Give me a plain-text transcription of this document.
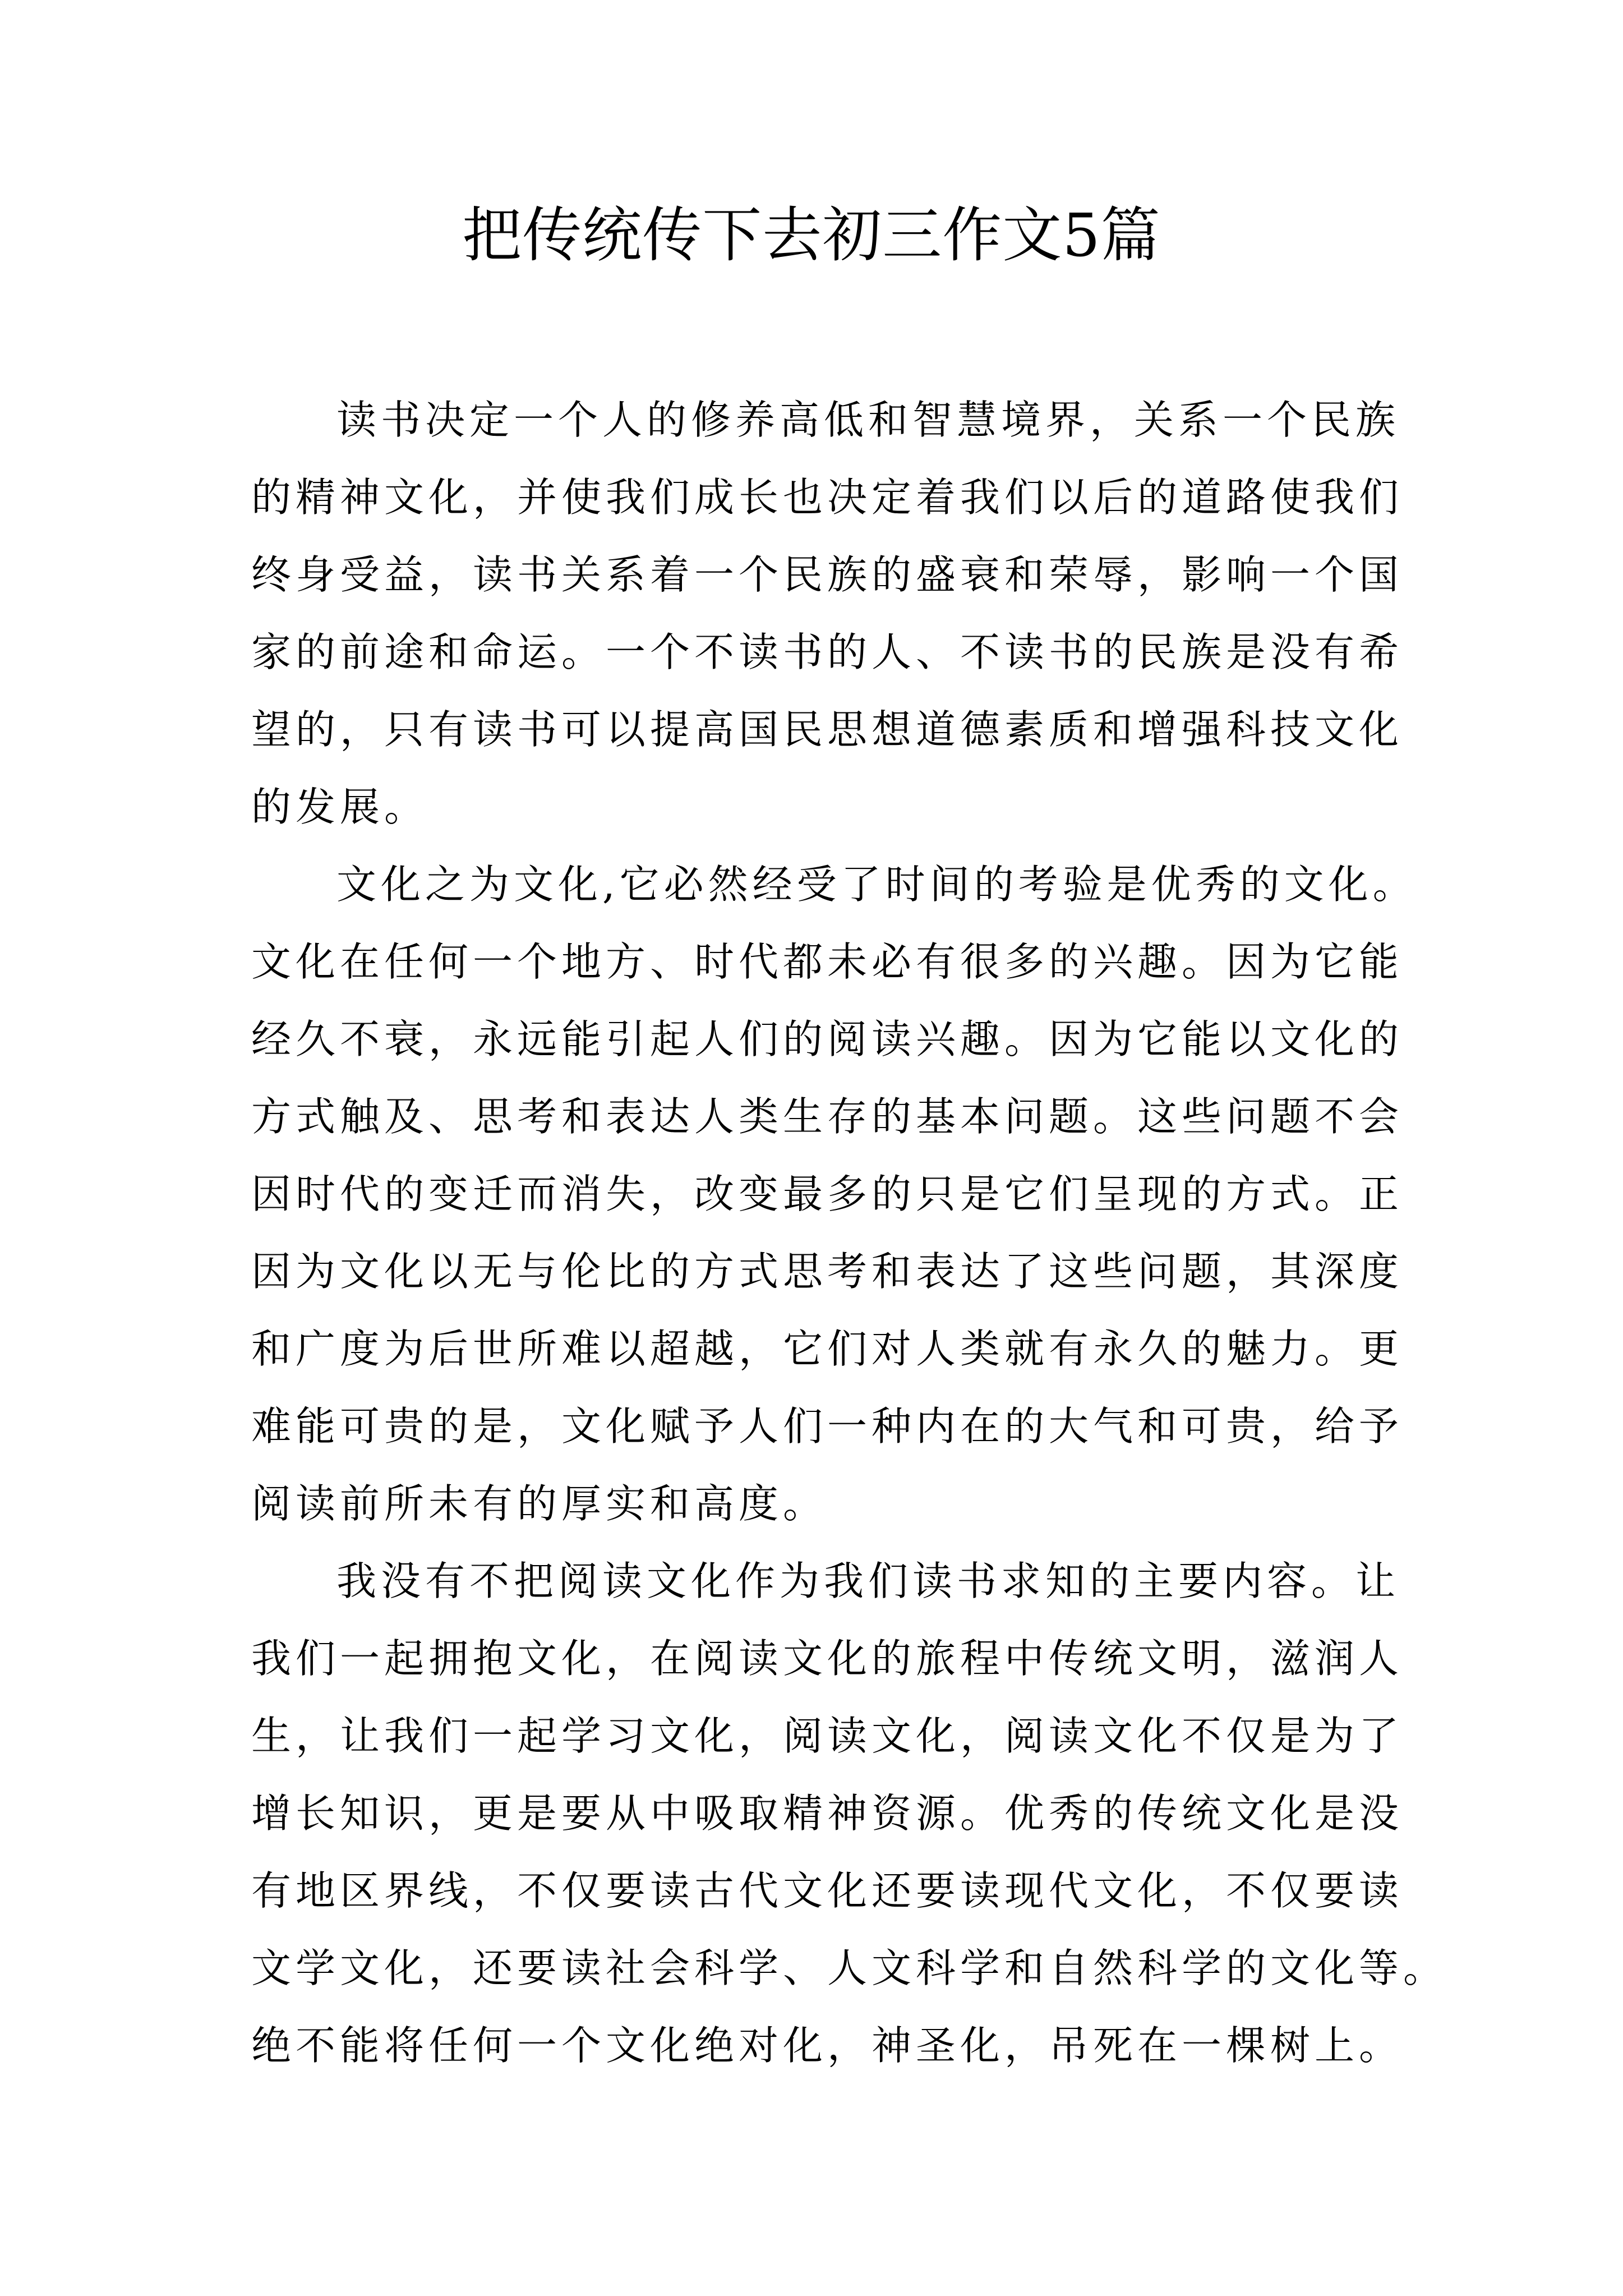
把传统传下去初三作文5篇
读书决定一个人的修养高低和智慧境界，关系一个民族
的精神文化，并使我们成长也决定着我们以后的道路使我们
终身受益，读书关系着一个民族的盛衰和荣辱，影响一个国
家的前途和命运。一个不读书的人、不读书的民族是没有希
望的，只有读书可以提高国民思想道德素质和增强科技文化
的发展。
文化之为文化,它必然经受了时间的考验是优秀的文化。
文化在任何一个地方、时代都未必有很多的兴趣。因为它能
经久不衰，永远能引起人们的阅读兴趣。因为它能以文化的
方式触及、思考和表达人类生存的基本问题。这些问题不会
因时代的变迁而消失，改变最多的只是它们呈现的方式。正
因为文化以无与伦比的方式思考和表达了这些问题，其深度
和广度为后世所难以超越，它们对人类就有永久的魅力。更
难能可贵的是，文化赋予人们一种内在的大气和可贵，给予
阅读前所未有的厚实和高度。
我没有不把阅读文化作为我们读书求知的主要内容。让
我们一起拥抱文化，在阅读文化的旅程中传统文明，滋润人
生，让我们一起学习文化，阅读文化，阅读文化不仅是为了
增长知识，更是要从中吸取精神资源。优秀的传统文化是没
有地区界线，不仅要读古代文化还要读现代文化，不仅要读
文学文化，还要读社会科学、人文科学和自然科学的文化等。
绝不能将任何一个文化绝对化，神圣化，吊死在一棵树上。
